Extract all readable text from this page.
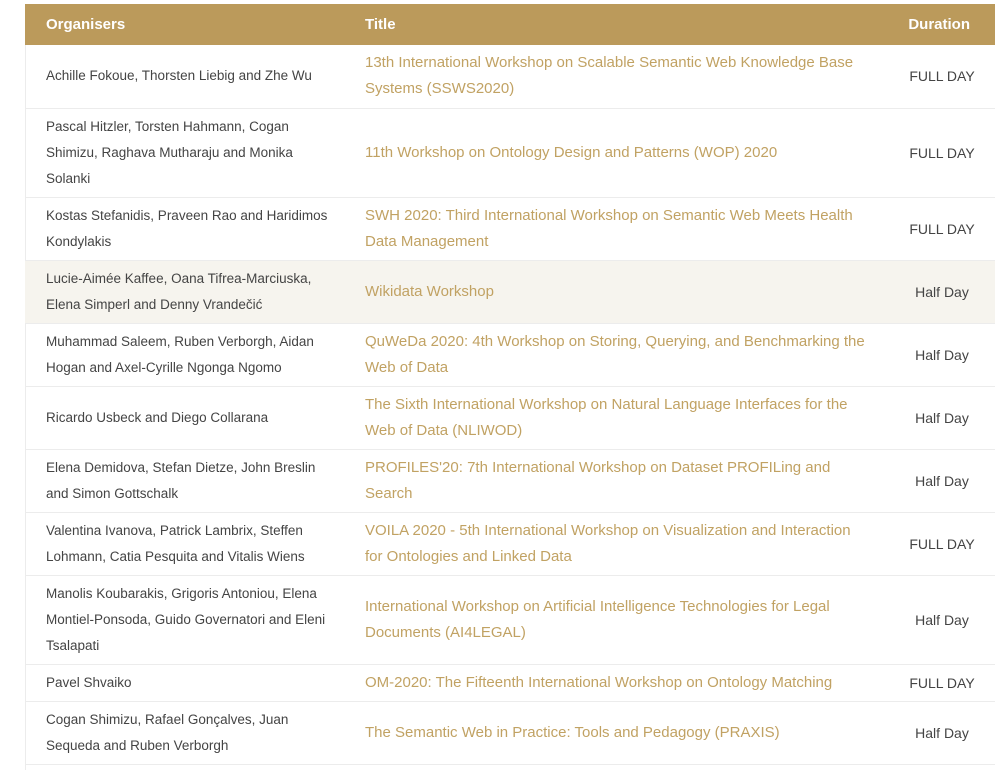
Organisers	Title	Duration
Achille Fokoue, Thorsten Liebig and Zhe Wu	13th International Workshop on Scalable Semantic Web Knowledge Base Systems (SSWS2020)	FULL DAY
Pascal Hitzler, Torsten Hahmann, Cogan Shimizu, Raghava Mutharaju and Monika Solanki	11th Workshop on Ontology Design and Patterns (WOP) 2020	FULL DAY
Kostas Stefanidis, Praveen Rao and Haridimos Kondylakis	SWH 2020: Third International Workshop on Semantic Web Meets Health Data Management	FULL DAY
Lucie-Aimée Kaffee, Oana Tifrea-Marciuska, Elena Simperl and Denny Vrandečić	Wikidata Workshop	Half Day
Muhammad Saleem, Ruben Verborgh, Aidan Hogan and Axel-Cyrille Ngonga Ngomo	QuWeDa 2020: 4th Workshop on Storing, Querying, and Benchmarking the Web of Data	Half Day
Ricardo Usbeck and Diego Collarana	The Sixth International Workshop on Natural Language Interfaces for the Web of Data (NLIWOD)	Half Day
Elena Demidova, Stefan Dietze, John Breslin and Simon Gottschalk	PROFILES'20: 7th International Workshop on Dataset PROFILing and Search	Half Day
Valentina Ivanova, Patrick Lambrix, Steffen Lohmann, Catia Pesquita and Vitalis Wiens	VOILA 2020 - 5th International Workshop on Visualization and Interaction for Ontologies and Linked Data	FULL DAY
Manolis Koubarakis, Grigoris Antoniou, Elena Montiel-Ponsoda, Guido Governatori and Eleni Tsalapati	International Workshop on Artificial Intelligence Technologies for Legal Documents (AI4LEGAL)	Half Day
Pavel Shvaiko	OM-2020: The Fifteenth International Workshop on Ontology Matching	FULL DAY
Cogan Shimizu, Rafael Gonçalves, Juan Sequeda and Ruben Verborgh	The Semantic Web in Practice: Tools and Pedagogy (PRAXIS)	Half Day
